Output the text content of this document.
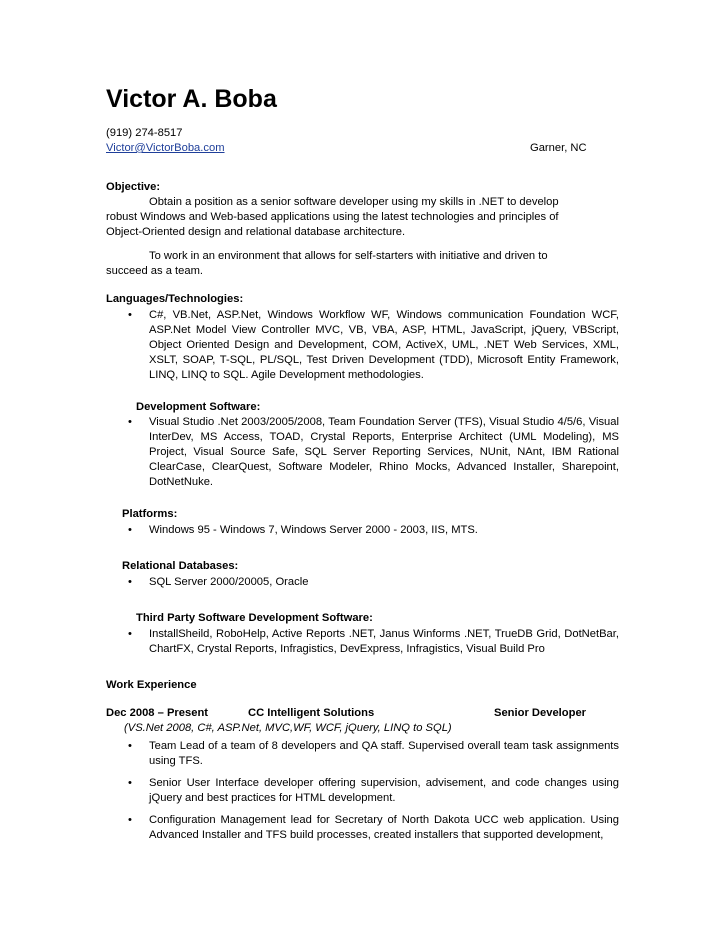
Victor A. Boba
(919) 274-8517
Victor@VictorBoba.com	Garner, NC
Objective:
Obtain a position as a senior software developer using my skills in .NET to develop
robust Windows and Web-based applications using the latest technologies and principles of Object-Oriented design and relational database architecture.
To work in an environment that allows for self-starters with initiative and driven to
succeed as a team.
Languages/Technologies:
• C#, VB.Net, ASP.Net, Windows Workflow WF, Windows communication Foundation WCF, ASP.Net Model View Controller MVC, VB, VBA, ASP, HTML, JavaScript, jQuery, VBScript, Object Oriented Design and Development, COM, ActiveX, UML, .NET Web Services, XML, XSLT, SOAP, T-SQL, PL/SQL, Test Driven Development (TDD), Microsoft Entity Framework, LINQ, LINQ to SQL. Agile Development methodologies.
Development Software:
• Visual Studio .Net 2003/2005/2008, Team Foundation Server (TFS), Visual Studio 4/5/6, Visual InterDev, MS Access, TOAD, Crystal Reports, Enterprise Architect (UML Modeling), MS Project, Visual Source Safe, SQL Server Reporting Services, NUnit, NAnt, IBM Rational ClearCase, ClearQuest, Software Modeler, Rhino Mocks, Advanced Installer, Sharepoint, DotNetNuke.
Platforms:
• Windows 95 - Windows 7, Windows Server 2000 - 2003, IIS, MTS.
Relational Databases:
• SQL Server 2000/20005, Oracle
Third Party Software Development Software:
• InstallSheild, RoboHelp, Active Reports .NET, Janus Winforms .NET, TrueDB Grid, DotNetBar, ChartFX, Crystal Reports, Infragistics, DevExpress, Infragistics, Visual Build Pro
Work Experience
Dec 2008 – Present	CC Intelligent Solutions	Senior Developer
(VS.Net 2008, C#, ASP.Net, MVC,WF, WCF, jQuery, LINQ to SQL)
• Team Lead of a team of 8 developers and QA staff. Supervised overall team task assignments using TFS.
• Senior User Interface developer offering supervision, advisement, and code changes using jQuery and best practices for HTML development.
• Configuration Management lead for Secretary of North Dakota UCC web application. Using Advanced Installer and TFS build processes, created installers that supported development,
